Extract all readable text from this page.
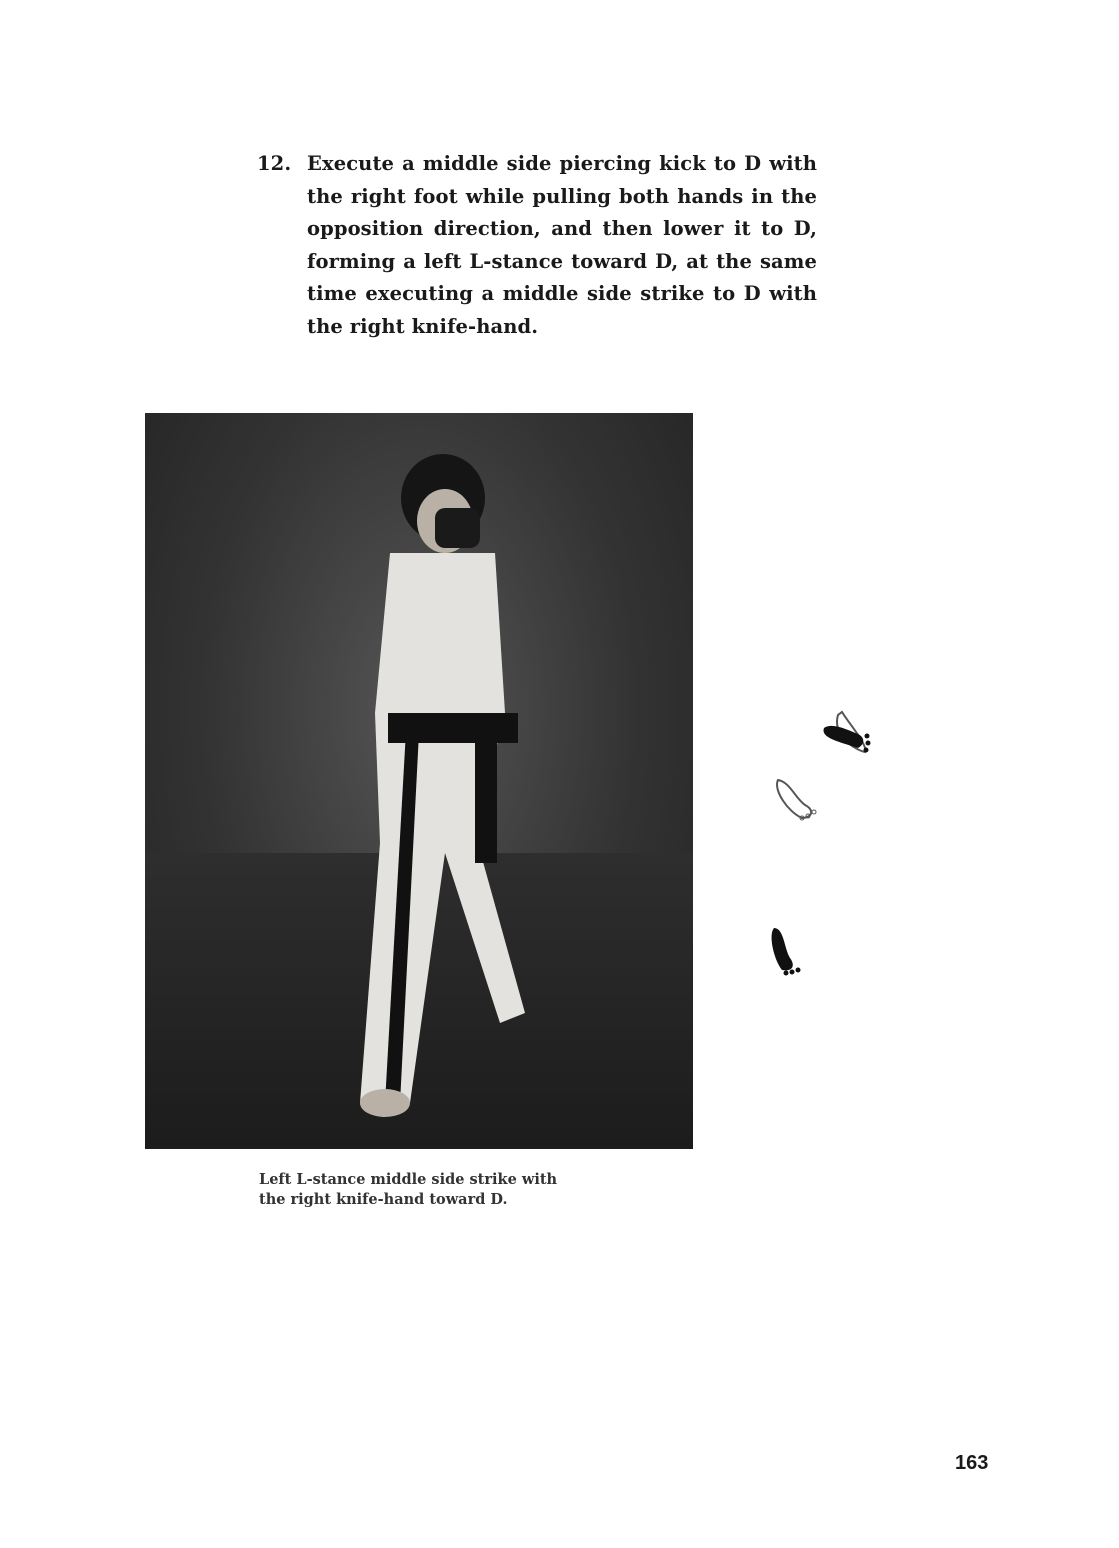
12. Execute a middle side piercing kick to D with the right foot while pulling both hands in the opposition direction, and then lower it to D, forming a left L-stance toward D, at the same time executing a middle side strike to D with the right knife-hand.
Left L-stance middle side strike with
the right knife-hand toward D.
163
